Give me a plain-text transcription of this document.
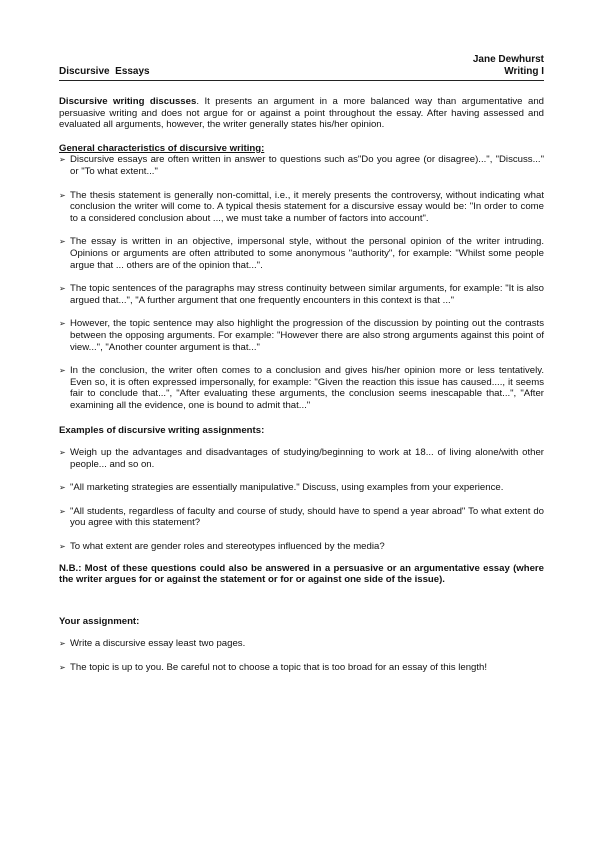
Jane Dewhurst
Discursive  Essays	Writing I

Discursive writing discusses. It presents an argument in a more balanced way than argumentative and persuasive writing and does not argue for or against a point throughout the essay. After having assessed and evaluated all arguments, however, the writer generally states his/her opinion.

General characteristics of discursive writing:
➢ Discursive essays are often written in answer to questions such as"Do you agree (or disagree)...", "Discuss..." or "To what extent..."
➢ The thesis statement is generally non-comittal, i.e., it merely presents the controversy, without indicating what conclusion the writer will come to. A typical thesis statement for a discursive essay would be: "In order to come to a considered conclusion about ..., we must take a number of factors into account".
➢ The essay is written in an objective, impersonal style, without the personal opinion of the writer intruding. Opinions or arguments are often attributed to some anonymous "authority", for example: "Whilst some people argue that ... others are of the opinion that...".
➢ The topic sentences of the paragraphs may stress continuity between similar arguments, for example: "It is also argued that...", "A further argument that one frequently encounters in this context is that ..."
➢ However, the topic sentence may also highlight the progression of the discussion by pointing out the contrasts between the opposing arguments. For example: "However there are also strong arguments against this point of view...", "Another counter argument is that..."
➢ In the conclusion, the writer often comes to a conclusion and gives his/her opinion more or less tentatively. Even so, it is often expressed impersonally, for example: "Given the reaction this issue has caused...., it seems fair to conclude that...", "After evaluating these arguments, the conclusion seems inescapable that...", "After examining all the evidence, one is bound to admit that..."
Examples of discursive writing assignments:
➢ Weigh up the advantages and disadvantages of studying/beginning to work at 18... of living alone/with other people... and so on.
➢ "All marketing strategies are essentially manipulative." Discuss, using examples from your experience.
➢ "All students, regardless of faculty and course of study, should have to spend a year abroad" To what extent do you agree with this statement?
➢ To what extent are gender roles and stereotypes influenced by the media?

N.B.: Most of these questions could also be answered in a persuasive or an argumentative essay (where the writer argues for or against the statement or for or against one side of the issue).

Your assignment:
➢ Write a discursive essay least two pages.
➢ The topic is up to you. Be careful not to choose a topic that is too broad for an essay of this length!
